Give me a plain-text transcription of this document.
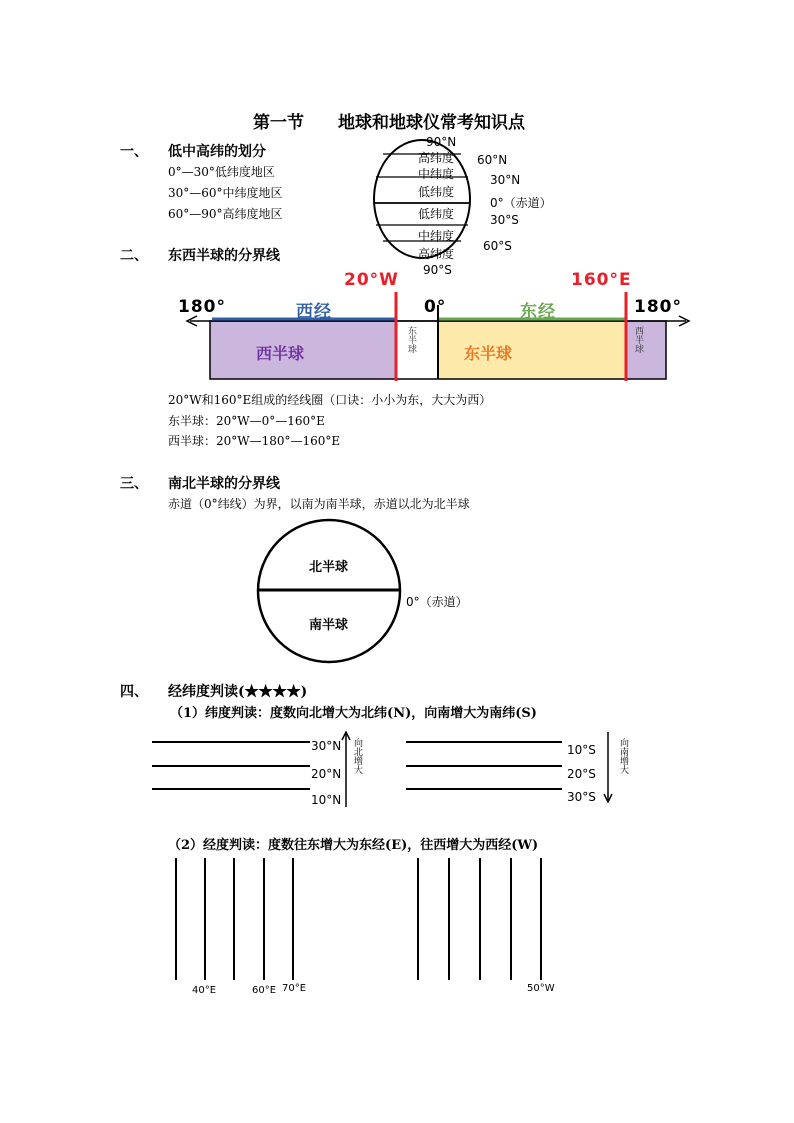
第一节　　地球和地球仪常考知识点
一、 低中高纬的划分
0°—30°低纬度地区
30°—60°中纬度地区
60°—90°高纬度地区
高纬度
中纬度
低纬度
低纬度
中纬度
高纬度
90°N
60°N
30°N
0°（赤道）
30°S
60°S
90°S
二、 东西半球的分界线
20°W	160°E
180°	180°
0°
西经	东经
西半球	东半球
东半球	西半球
20°W和160°E组成的经线圈（口诀：小小为东，大大为西）
东半球：20°W—0°—160°E
西半球：20°W—180°—160°E
三、 南北半球的分界线
赤道（0°纬线）为界，以南为南半球，赤道以北为北半球
北半球
南半球
0°（赤道）
四、 经纬度判读(★★★★)
（1）纬度判读：度数向北增大为北纬(N)，向南增大为南纬(S)
30°N
20°N
10°N
向北增大	10°S
20°S
30°S
向南增大
（2）经度判读：度数往东增大为东经(E)，往西增大为西经(W)
40°E	60°E 70°E	50°W
